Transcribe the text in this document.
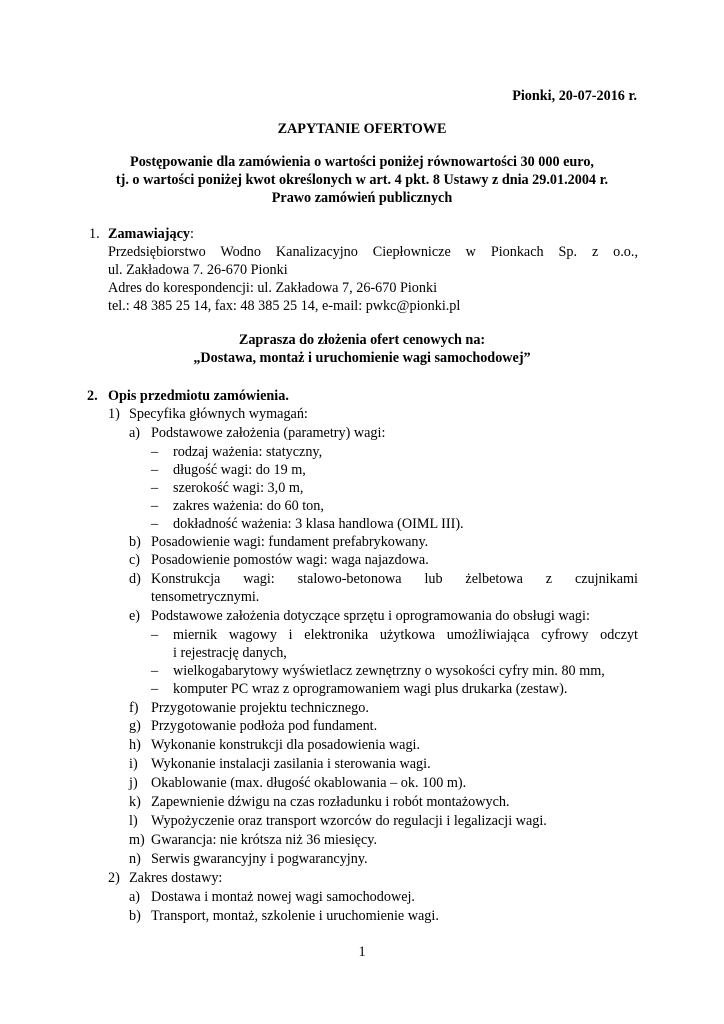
Pionki, 20-07-2016 r.
ZAPYTANIE OFERTOWE
Postępowanie dla zamówienia o wartości poniżej równowartości 30 000 euro,
tj. o wartości poniżej kwot określonych w art. 4 pkt. 8 Ustawy z dnia 29.01.2004 r.
Prawo zamówień publicznych
1. Zamawiający:
Przedsiębiorstwo Wodno Kanalizacyjno Ciepłownicze w Pionkach Sp. z o.o.,
ul. Zakładowa 7. 26-670 Pionki
Adres do korespondencji: ul. Zakładowa 7, 26-670 Pionki
tel.: 48 385 25 14, fax: 48 385 25 14, e-mail: pwkc@pionki.pl
Zaprasza do złożenia ofert cenowych na:
„Dostawa, montaż i uruchomienie wagi samochodowej”
2. Opis przedmiotu zamówienia.
1) Specyfika głównych wymagań:
a) Podstawowe założenia (parametry) wagi:
– rodzaj ważenia: statyczny,
– długość wagi: do 19 m,
– szerokość wagi: 3,0 m,
– zakres ważenia: do 60 ton,
– dokładność ważenia: 3 klasa handlowa (OIML III).
b) Posadowienie wagi: fundament prefabrykowany.
c) Posadowienie pomostów wagi: waga najazdowa.
d) Konstrukcja wagi: stalowo-betonowa lub żelbetowa z czujnikami
tensometrycznymi.
e) Podstawowe założenia dotyczące sprzętu i oprogramowania do obsługi wagi:
– miernik wagowy i elektronika użytkowa umożliwiająca cyfrowy odczyt
i rejestrację danych,
– wielkogabarytowy wyświetlacz zewnętrzny o wysokości cyfry min. 80 mm,
– komputer PC wraz z oprogramowaniem wagi plus drukarka (zestaw).
f) Przygotowanie projektu technicznego.
g) Przygotowanie podłoża pod fundament.
h) Wykonanie konstrukcji dla posadowienia wagi.
i) Wykonanie instalacji zasilania i sterowania wagi.
j) Okablowanie (max. długość okablowania – ok. 100 m).
k) Zapewnienie dźwigu na czas rozładunku i robót montażowych.
l) Wypożyczenie oraz transport wzorców do regulacji i legalizacji wagi.
m) Gwarancja: nie krótsza niż 36 miesięcy.
n) Serwis gwarancyjny i pogwarancyjny.
2) Zakres dostawy:
a) Dostawa i montaż nowej wagi samochodowej.
b) Transport, montaż, szkolenie i uruchomienie wagi.
1
